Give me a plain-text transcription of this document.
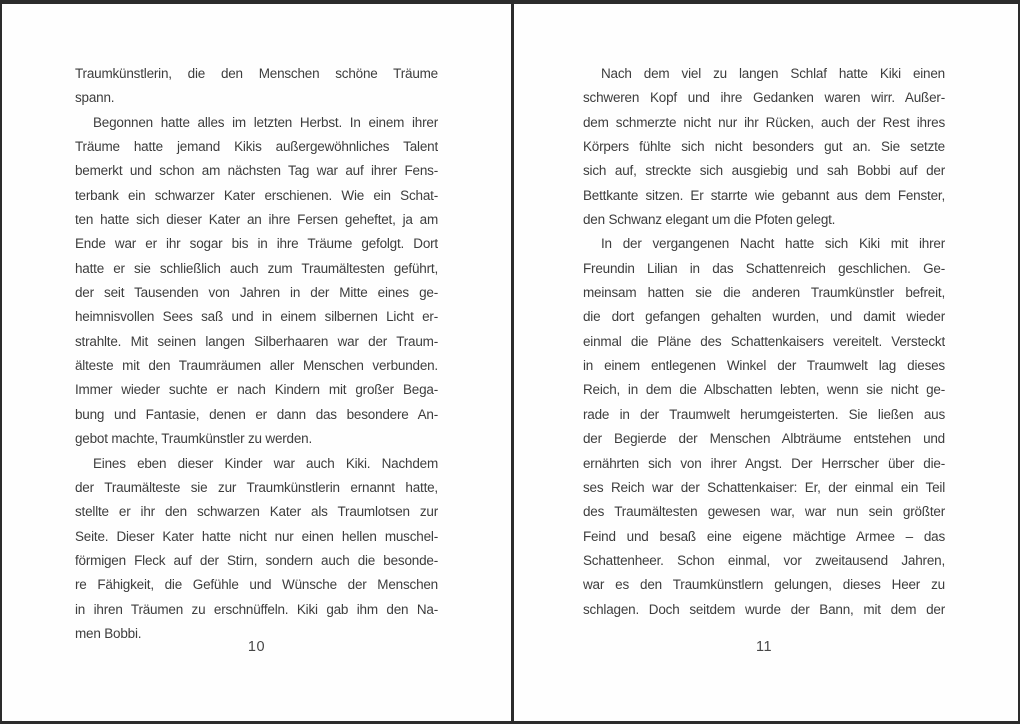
Traumkünstlerin, die den Menschen schöne Träume
spann.
Begonnen hatte alles im letzten Herbst. In einem ihrer
Träume hatte jemand Kikis außergewöhnliches Talent
bemerkt und schon am nächsten Tag war auf ihrer Fens-
terbank ein schwarzer Kater erschienen. Wie ein Schat-
ten hatte sich dieser Kater an ihre Fersen geheftet, ja am
Ende war er ihr sogar bis in ihre Träume gefolgt. Dort
hatte er sie schließlich auch zum Traumältesten geführt,
der seit Tausenden von Jahren in der Mitte eines ge-
heimnisvollen Sees saß und in einem silbernen Licht er-
strahlte. Mit seinen langen Silberhaaren war der Traum-
älteste mit den Traumräumen aller Menschen verbunden.
Immer wieder suchte er nach Kindern mit großer Bega-
bung und Fantasie, denen er dann das besondere An-
gebot machte, Traumkünstler zu werden.
Eines eben dieser Kinder war auch Kiki. Nachdem
der Traumälteste sie zur Traumkünstlerin ernannt hatte,
stellte er ihr den schwarzen Kater als Traumlotsen zur
Seite. Dieser Kater hatte nicht nur einen hellen muschel-
förmigen Fleck auf der Stirn, sondern auch die besonde-
re Fähigkeit, die Gefühle und Wünsche der Menschen
in ihren Träumen zu erschnüffeln. Kiki gab ihm den Na-
men Bobbi.
Nach dem viel zu langen Schlaf hatte Kiki einen
schweren Kopf und ihre Gedanken waren wirr. Außer-
dem schmerzte nicht nur ihr Rücken, auch der Rest ihres
Körpers fühlte sich nicht besonders gut an. Sie setzte
sich auf, streckte sich ausgiebig und sah Bobbi auf der
Bettkante sitzen. Er starrte wie gebannt aus dem Fenster,
den Schwanz elegant um die Pfoten gelegt.
In der vergangenen Nacht hatte sich Kiki mit ihrer
Freundin Lilian in das Schattenreich geschlichen. Ge-
meinsam hatten sie die anderen Traumkünstler befreit,
die dort gefangen gehalten wurden, und damit wieder
einmal die Pläne des Schattenkaisers vereitelt. Versteckt
in einem entlegenen Winkel der Traumwelt lag dieses
Reich, in dem die Albschatten lebten, wenn sie nicht ge-
rade in der Traumwelt herumgeisterten. Sie ließen aus
der Begierde der Menschen Albträume entstehen und
ernährten sich von ihrer Angst. Der Herrscher über die-
ses Reich war der Schattenkaiser: Er, der einmal ein Teil
des Traumältesten gewesen war, war nun sein größter
Feind und besaß eine eigene mächtige Armee – das
Schattenheer. Schon einmal, vor zweitausend Jahren,
war es den Traumkünstlern gelungen, dieses Heer zu
schlagen. Doch seitdem wurde der Bann, mit dem der
10	11
